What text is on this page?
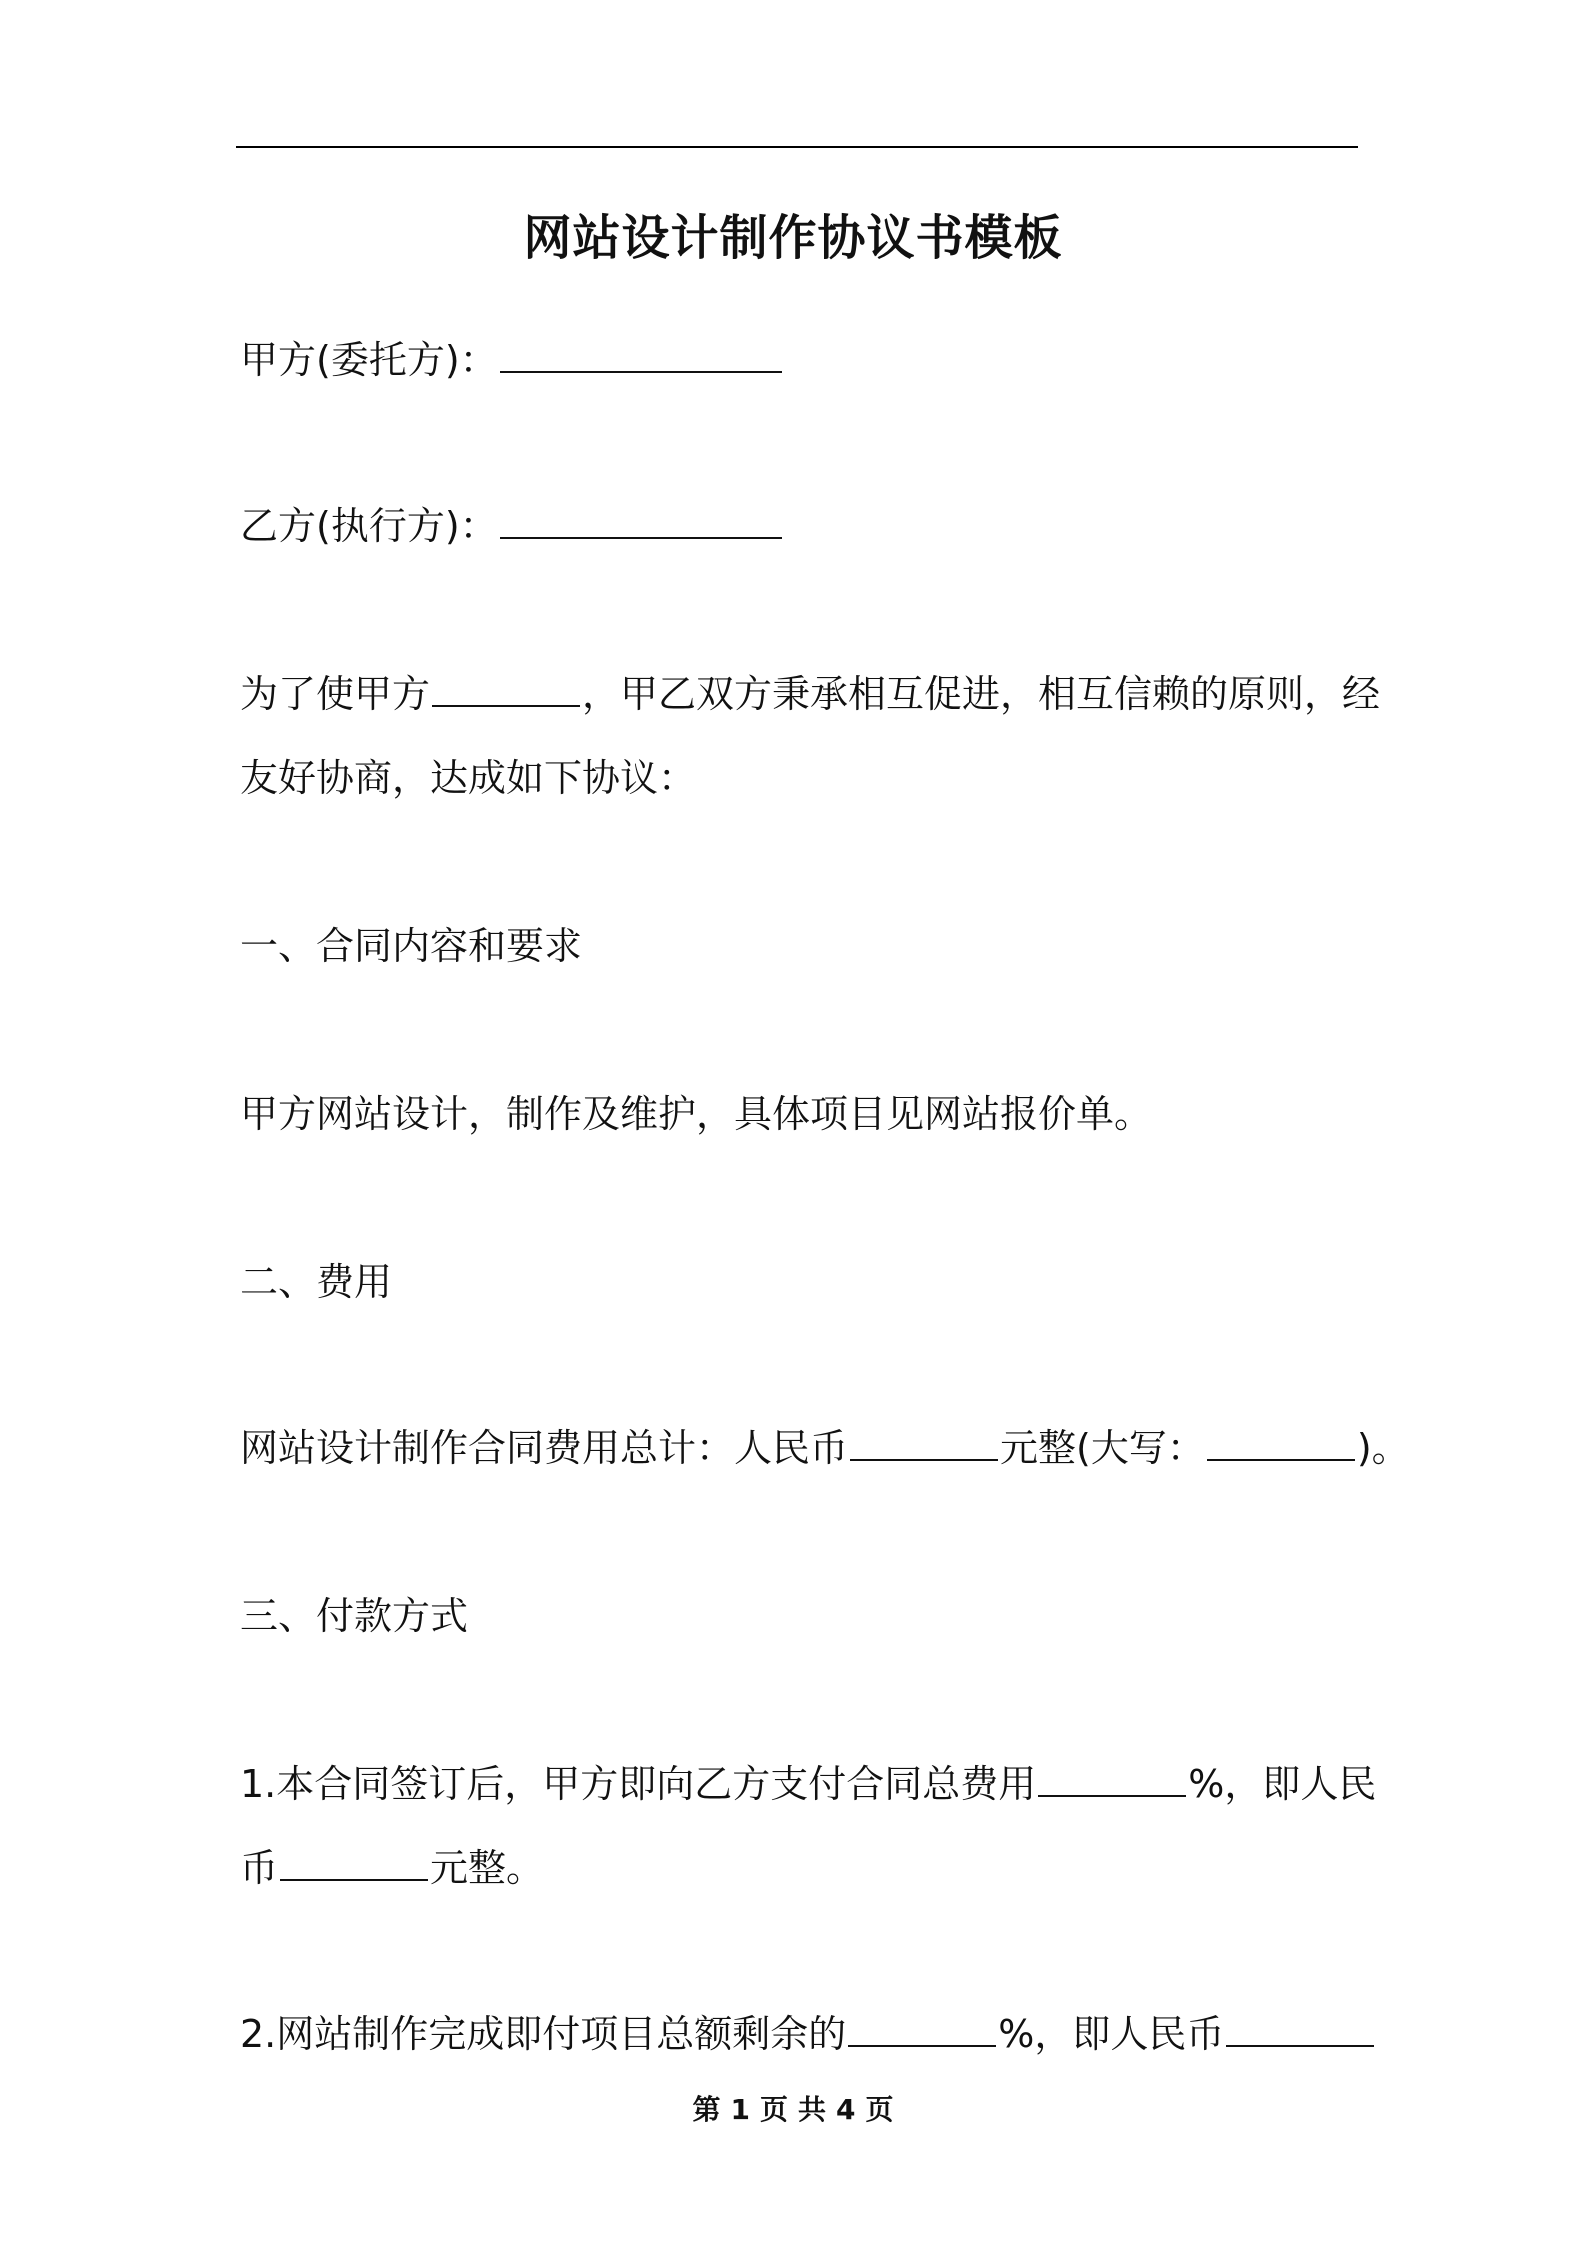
网站设计制作协议书模板
甲方(委托方)：
乙方(执行方)：
为了使甲方	，甲乙双方秉承相互促进，相互信赖的原则，经
友好协商，达成如下协议：
一、合同内容和要求
甲方网站设计，制作及维护，具体项目见网站报价单。
二、费用
网站设计制作合同费用总计：人民币	元整(大写：	)。
三、付款方式
1.本合同签订后，甲方即向乙方支付合同总费用	%，即人民
币	元整。
2.网站制作完成即付项目总额剩余的	%，即人民币
第 1 页 共 4 页
